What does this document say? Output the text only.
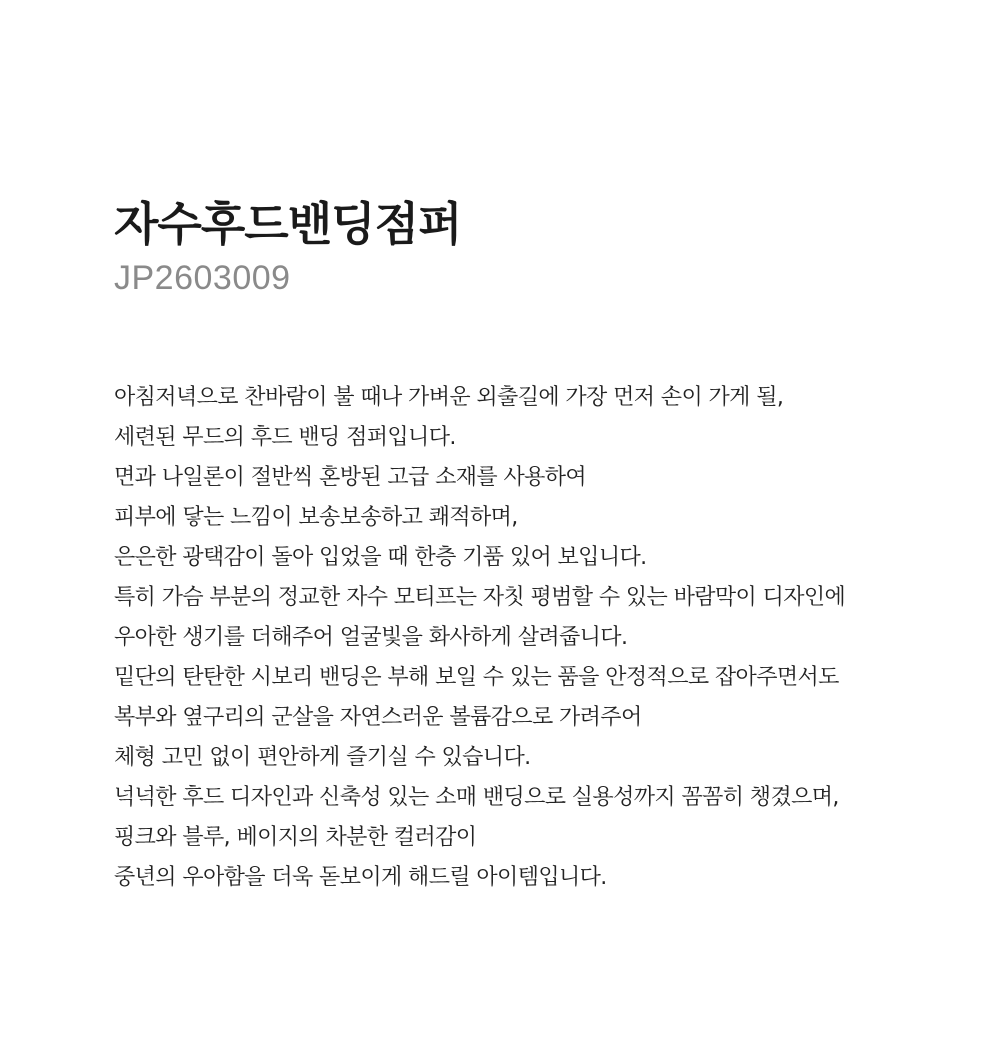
자수후드밴딩점퍼
JP2603009
아침저녁으로 찬바람이 불 때나 가벼운 외출길에 가장 먼저 손이 가게 될,
세련된 무드의 후드 밴딩 점퍼입니다.
면과 나일론이 절반씩 혼방된 고급 소재를 사용하여
피부에 닿는 느낌이 보송보송하고 쾌적하며,
은은한 광택감이 돌아 입었을 때 한층 기품 있어 보입니다.
특히 가슴 부분의 정교한 자수 모티프는 자칫 평범할 수 있는 바람막이 디자인에
우아한 생기를 더해주어 얼굴빛을 화사하게 살려줍니다.
밑단의 탄탄한 시보리 밴딩은 부해 보일 수 있는 품을 안정적으로 잡아주면서도
복부와 옆구리의 군살을 자연스러운 볼륨감으로 가려주어
체형 고민 없이 편안하게 즐기실 수 있습니다.
넉넉한 후드 디자인과 신축성 있는 소매 밴딩으로 실용성까지 꼼꼼히 챙겼으며,
핑크와 블루, 베이지의 차분한 컬러감이
중년의 우아함을 더욱 돋보이게 해드릴 아이템입니다.
